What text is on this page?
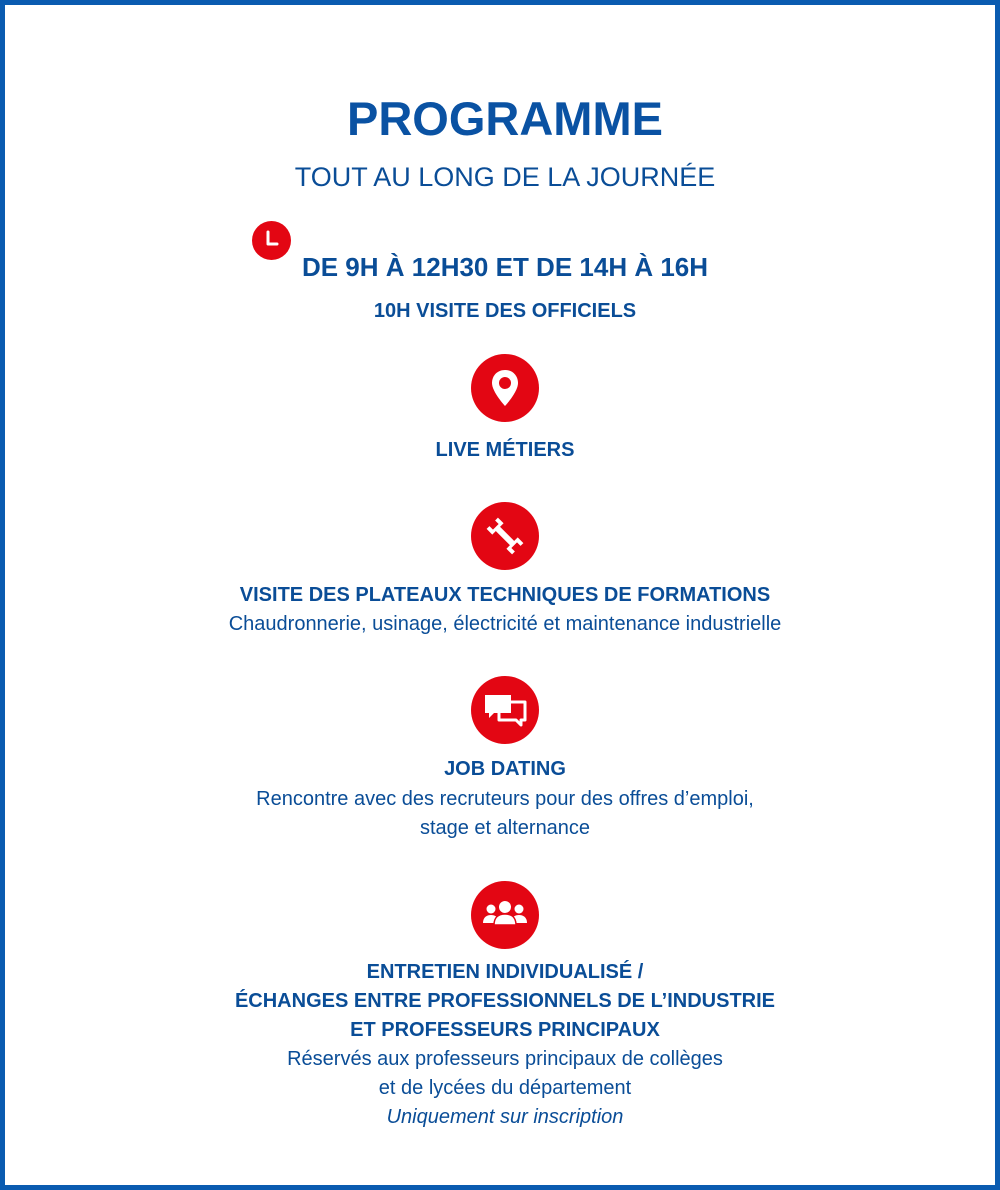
PROGRAMME
TOUT AU LONG DE LA JOURNÉE
DE 9H À 12H30 ET DE 14H À 16H
10H VISITE DES OFFICIELS
LIVE MÉTIERS
VISITE DES PLATEAUX TECHNIQUES DE FORMATIONS
Chaudronnerie, usinage, électricité et maintenance industrielle
JOB DATING
Rencontre avec des recruteurs pour des offres d’emploi,
stage et alternance
ENTRETIEN INDIVIDUALISÉ /
ÉCHANGES ENTRE PROFESSIONNELS DE L’INDUSTRIE
ET PROFESSEURS PRINCIPAUX
Réservés aux professeurs principaux de collèges
et de lycées du département
Uniquement sur inscription
